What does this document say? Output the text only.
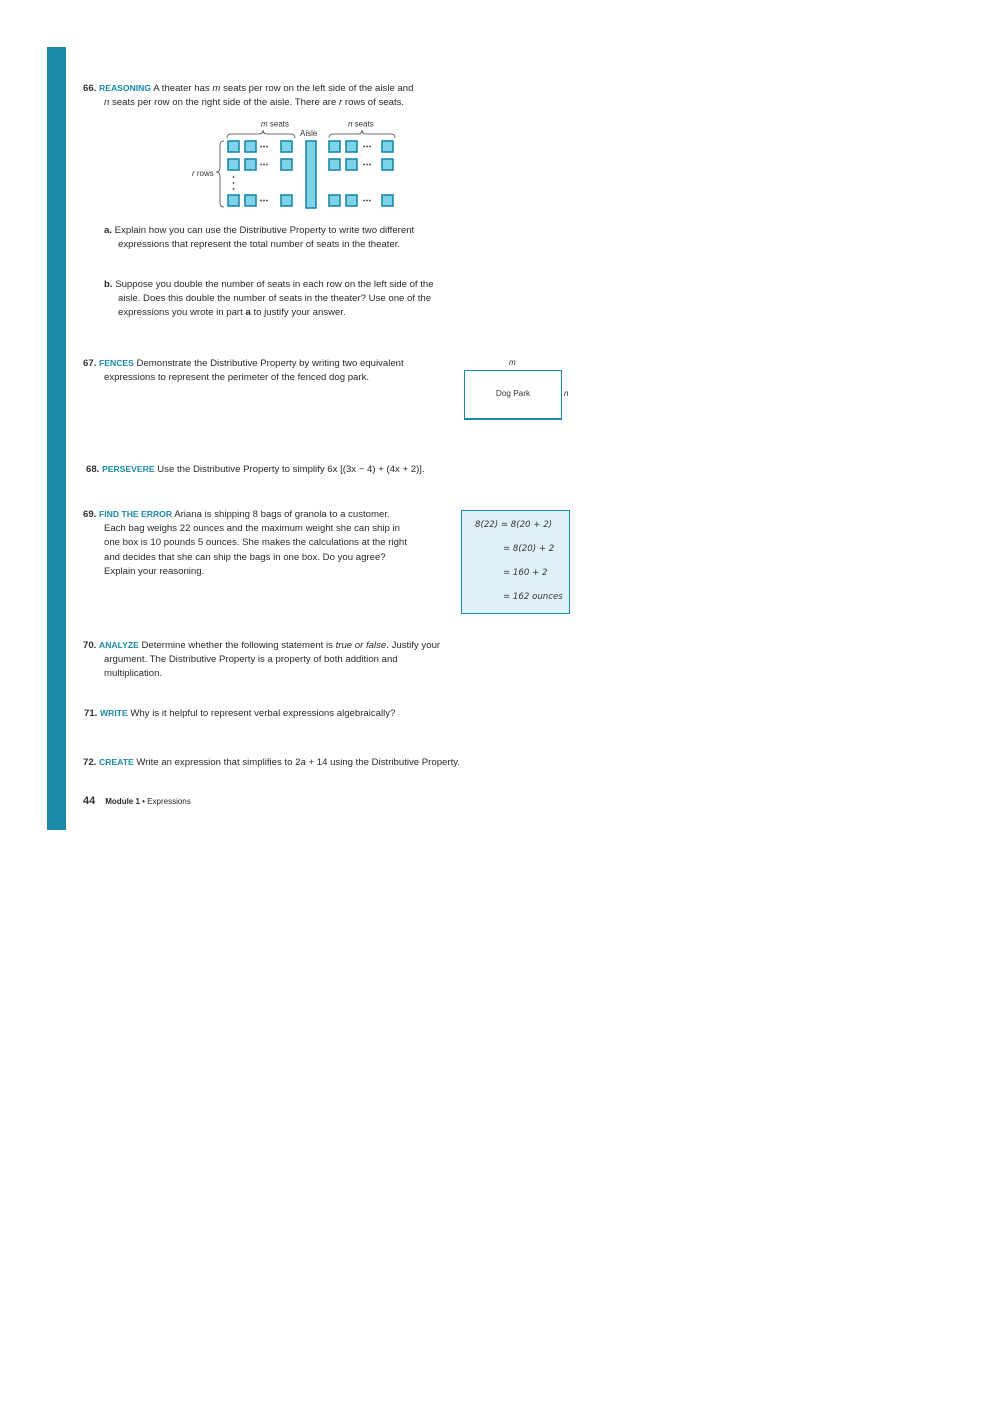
66. REASONING A theater has m seats per row on the left side of the aisle and
n seats per row on the right side of the aisle. There are r rows of seats.
m seats	n seats
Aisle
r rows
a. Explain how you can use the Distributive Property to write two different
expressions that represent the total number of seats in the theater.
b. Suppose you double the number of seats in each row on the left side of the
aisle. Does this double the number of seats in the theater? Use one of the
expressions you wrote in part a to justify your answer.
67. FENCES Demonstrate the Distributive Property by writing two equivalent
expressions to represent the perimeter of the fenced dog park.
m
Dog Park	n
68. PERSEVERE Use the Distributive Property to simplify 6x [(3x − 4) + (4x + 2)].
69. FIND THE ERROR Ariana is shipping 8 bags of granola to a customer.
Each bag weighs 22 ounces and the maximum weight she can ship in
one box is 10 pounds 5 ounces. She makes the calculations at the right
and decides that she can ship the bags in one box. Do you agree?
Explain your reasoning.
8(22) = 8(20 + 2)
= 8(20) + 2
= 160 + 2
= 162 ounces
70. ANALYZE Determine whether the following statement is true or false. Justify your
argument. The Distributive Property is a property of both addition and
multiplication.
71. WRITE Why is it helpful to represent verbal expressions algebraically?
72. CREATE Write an expression that simplifies to 2a + 14 using the Distributive Property.
44 Module 1 • Expressions
